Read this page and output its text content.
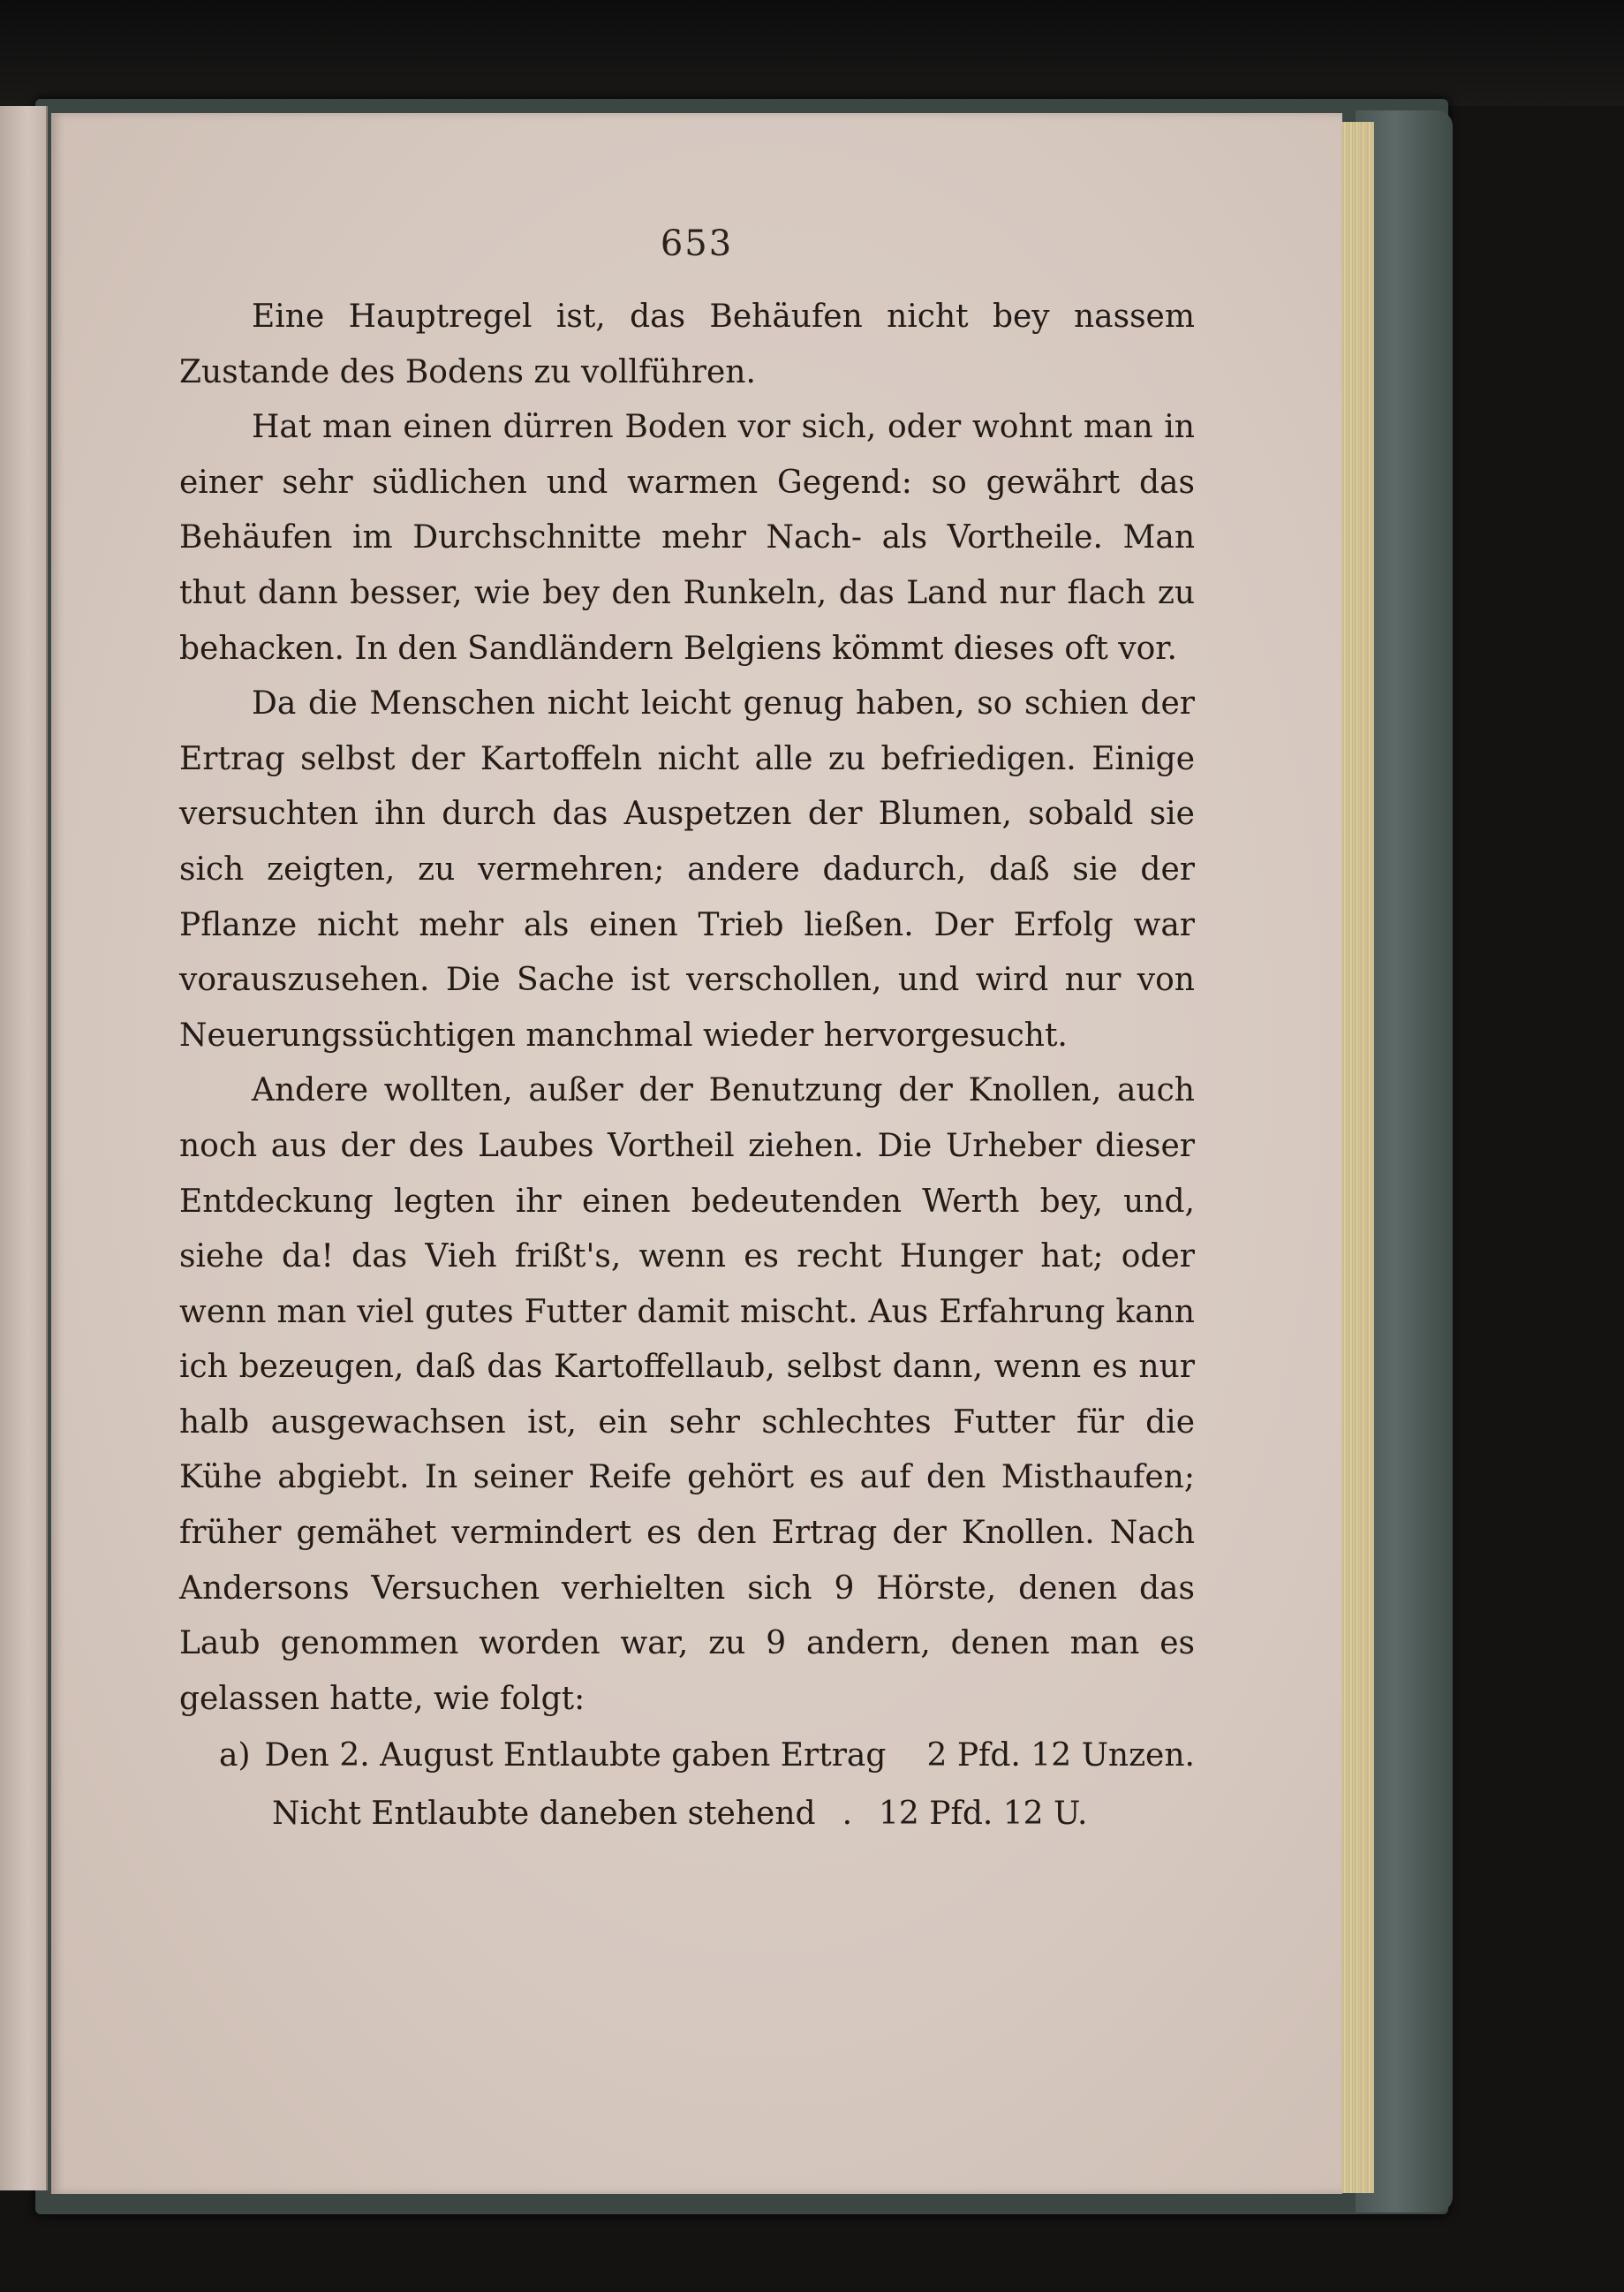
653

Eine Hauptregel ist, das Behäufen nicht bey nassem Zustande des Bodens zu vollführen.

Hat man einen dürren Boden vor sich, oder wohnt man in einer sehr südlichen und warmen Gegend: so gewährt das Behäufen im Durchschnitte mehr Nach- als Vortheile. Man thut dann besser, wie bey den Runkeln, das Land nur flach zu behacken. In den Sandländern Belgiens kömmt dieses oft vor.

Da die Menschen nicht leicht genug haben, so schien der Ertrag selbst der Kartoffeln nicht alle zu befriedigen. Einige versuchten ihn durch das Auspetzen der Blumen, sobald sie sich zeigten, zu vermehren; andere dadurch, daß sie der Pflanze nicht mehr als einen Trieb ließen. Der Erfolg war vorauszusehen. Die Sache ist verschollen, und wird nur von Neuerungssüchtigen manchmal wieder hervorgesucht.

Andere wollten, außer der Benutzung der Knollen, auch noch aus der des Laubes Vortheil ziehen. Die Urheber dieser Entdeckung legten ihr einen bedeutenden Werth bey, und, siehe da! das Vieh frißt's, wenn es recht Hunger hat; oder wenn man viel gutes Futter damit mischt. Aus Erfahrung kann ich bezeugen, daß das Kartoffellaub, selbst dann, wenn es nur halb ausgewachsen ist, ein sehr schlechtes Futter für die Kühe abgiebt. In seiner Reife gehört es auf den Misthaufen; früher gemähet vermindert es den Ertrag der Knollen. Nach Andersons Versuchen verhielten sich 9 Hörste, denen das Laub genommen worden war, zu 9 andern, denen man es gelassen hatte, wie folgt:

a) Den 2. August Entlaubte gaben Ertrag	2 Pfd. 12 Unzen.
Nicht Entlaubte daneben stehend . 12 Pfd. 12 U.
